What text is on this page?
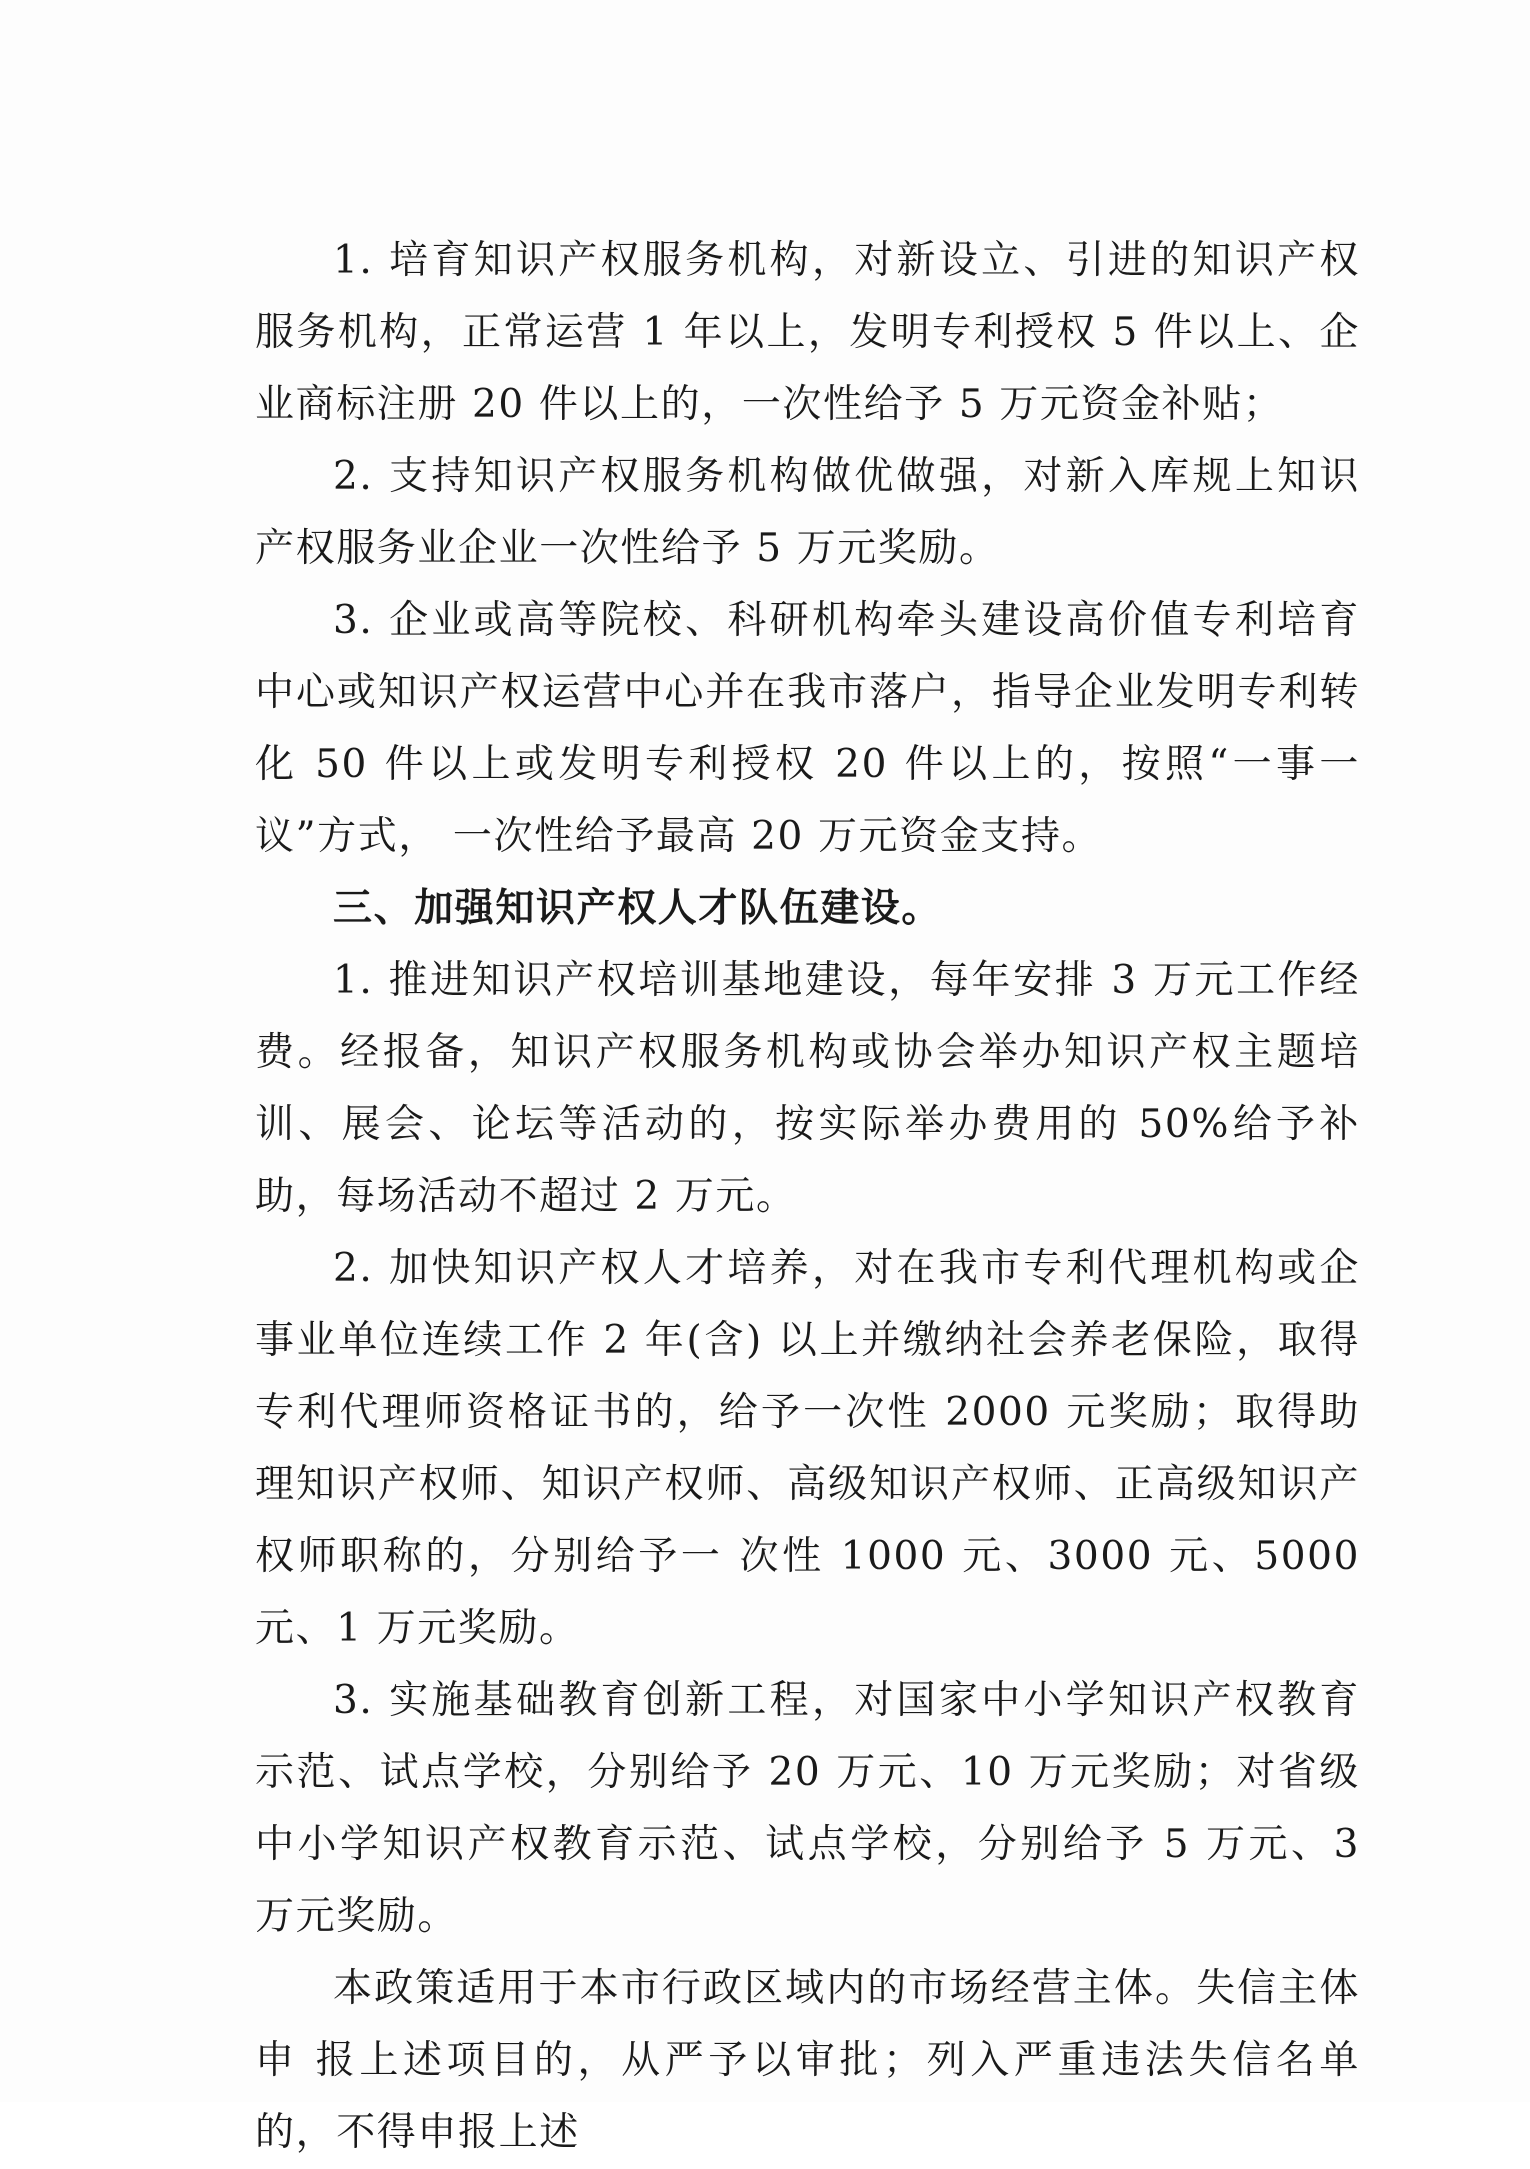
1. 培育知识产权服务机构，对新设立、引进的知识产权服务机构，正常运营 1 年以上，发明专利授权 5 件以上、企业商标注册 20 件以上的，一次性给予 5 万元资金补贴；

2. 支持知识产权服务机构做优做强，对新入库规上知识产权服务业企业一次性给予 5 万元奖励。

3. 企业或高等院校、科研机构牵头建设高价值专利培育中心或知识产权运营中心并在我市落户，指导企业发明专利转化 50 件以上或发明专利授权 20 件以上的，按照“一事一议”方式， 一次性给予最高 20 万元资金支持。

三、加强知识产权人才队伍建设。

1. 推进知识产权培训基地建设，每年安排 3 万元工作经费。经报备，知识产权服务机构或协会举办知识产权主题培训、展会、论坛等活动的，按实际举办费用的 50%给予补助，每场活动不超过 2 万元。

2. 加快知识产权人才培养，对在我市专利代理机构或企事业单位连续工作 2 年(含) 以上并缴纳社会养老保险，取得专利代理师资格证书的，给予一次性 2000 元奖励；取得助理知识产权师、知识产权师、高级知识产权师、正高级知识产权师职称的，分别给予一 次性 1000 元、3000 元、5000 元、1 万元奖励。

3. 实施基础教育创新工程，对国家中小学知识产权教育示范、试点学校，分别给予 20 万元、10 万元奖励；对省级中小学知识产权教育示范、试点学校，分别给予 5 万元、3 万元奖励。

本政策适用于本市行政区域内的市场经营主体。失信主体申 报上述项目的，从严予以审批；列入严重违法失信名单的，不得申报上述
